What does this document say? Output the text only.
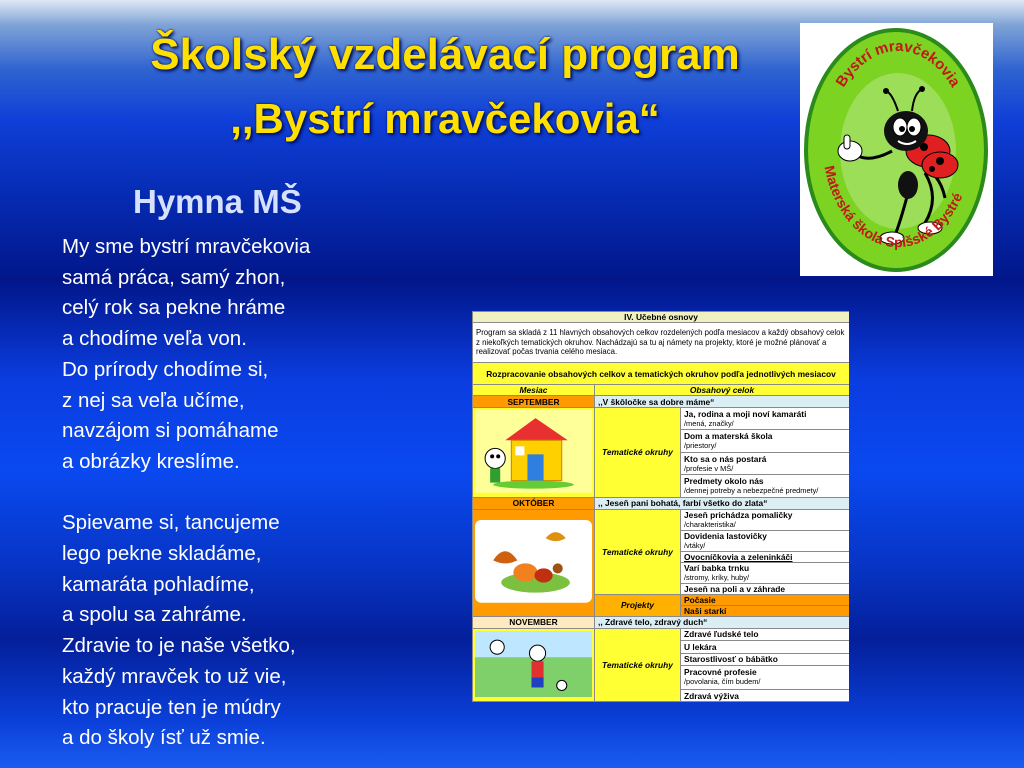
Školský vzdelávací program
,,Bystrí mravčekovia“
Hymna MŠ
My sme bystrí mravčekovia
samá práca, samý zhon,
celý rok sa pekne hráme
a chodíme veľa von.
Do prírody chodíme si,
z nej sa veľa učíme,
navzájom si pomáhame
a obrázky kreslíme.
Spievame si, tancujeme
lego pekne skladáme,
kamaráta pohladíme,
a spolu sa zahráme.
Zdravie to je naše všetko,
každý mravček to už vie,
kto pracuje ten je múdry
a do školy ísť už smie.
Bystrí mravčekovia
Materská škola Spišské Bystré
IV. Učebné osnovy		
Program sa skladá z 11 hlavných obsahových celkov rozdelených podľa mesiacov a každý obsahový celok z niekoľkých tematických okruhov. Nachádzajú sa tu aj námety na projekty, ktoré je možné plánovať a realizovať počas trvania celého mesiaca.		
Rozpracovanie obsahových celkov a tematických okruhov podľa jednotlivých mesiacov		
Mesiac	Obsahový celok	
SEPTEMBER	,,V škôločke sa dobre máme“	
	Tematické okruhy	Ja, rodina a moji noví kamaráti
/mená, značky/

		Dom a materská škola
/priestory/

		Kto sa o nás postará
/profesie v MŠ/

		Predmety okolo nás
/dennej potreby a nebezpečné predmety/

OKTÓBER	,, Jeseň pani bohatá, farbí všetko do zlata“	
	Tematické okruhy	Jeseň prichádza pomaličky
/charakteristika/

		Dovidenia lastovičky
/vtáky/

		Ovocníčkovia a zeleninkáči

		Varí babka trnku
/stromy, kríky, huby/

		Jeseň na poli a v záhrade

	Projekty	Počasie
		Naši starkí
NOVEMBER	,, Zdravé telo, zdravý duch“	
	Tematické okruhy	Zdravé ľudské telo

		U lekára

		Starostlivosť o bábätko

		Pracovné profesie
/povolania, čím budem/

		Zdravá výživa
